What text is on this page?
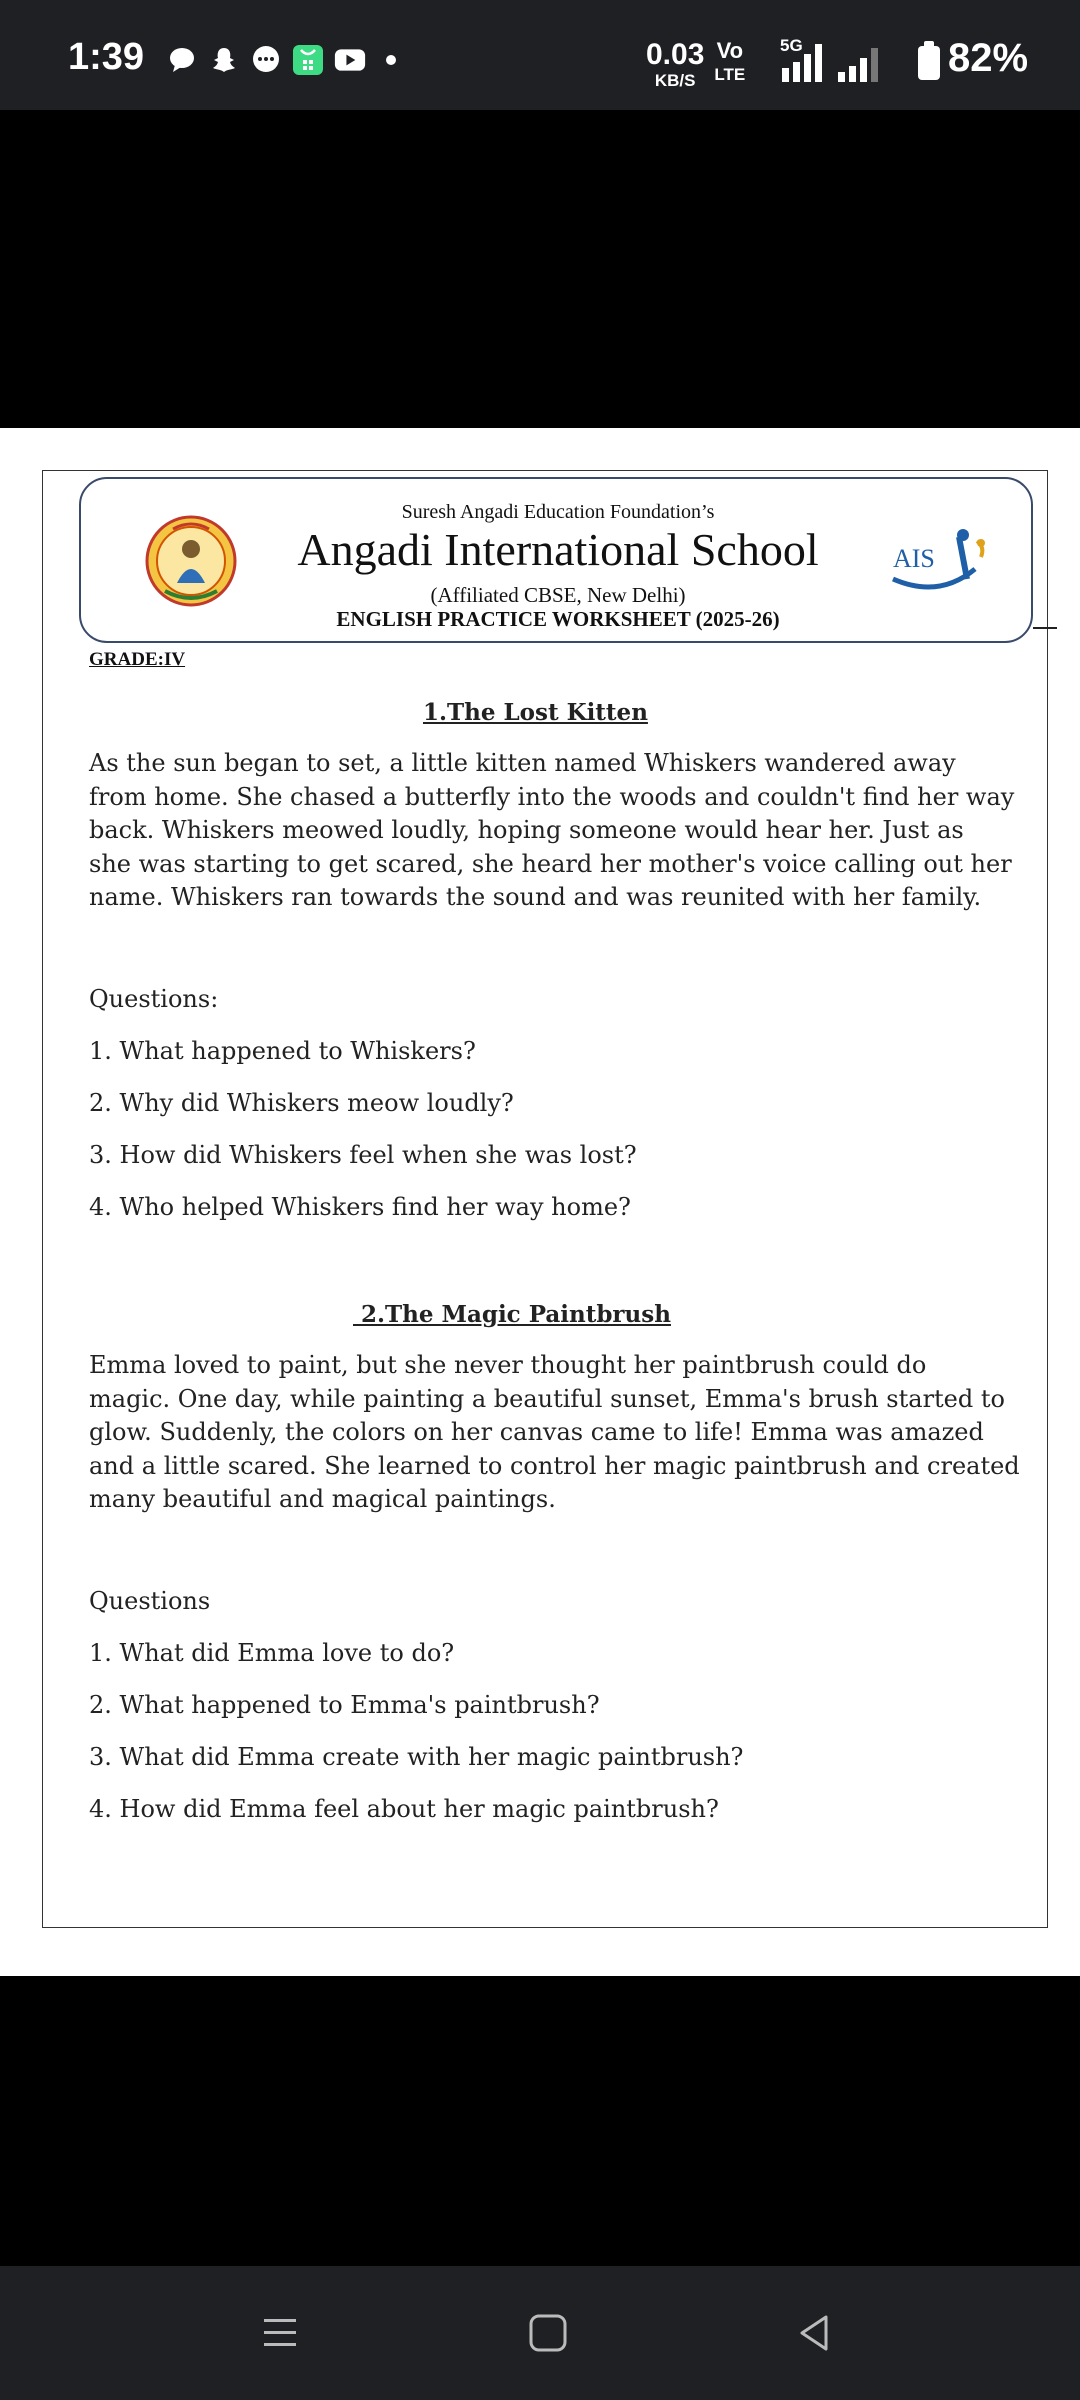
1:39	0.03
KB/S
Vo
LTE
5G	82%
Suresh Angadi Education Foundation’s
Angadi International School
(Affiliated CBSE, New Delhi)
ENGLISH PRACTICE WORKSHEET (2025-26)
AIS
GRADE:IV
1.The Lost Kitten
As the sun began to set, a little kitten named Whiskers wandered away
from home. She chased a butterfly into the woods and couldn't find her way
back. Whiskers meowed loudly, hoping someone would hear her. Just as
she was starting to get scared, she heard her mother's voice calling out her
name. Whiskers ran towards the sound and was reunited with her family.
Questions:
1. What happened to Whiskers?
2. Why did Whiskers meow loudly?
3. How did Whiskers feel when she was lost?
4. Who helped Whiskers find her way home?
2.The Magic Paintbrush
Emma loved to paint, but she never thought her paintbrush could do
magic. One day, while painting a beautiful sunset, Emma's brush started to
glow. Suddenly, the colors on her canvas came to life! Emma was amazed
and a little scared. She learned to control her magic paintbrush and created
many beautiful and magical paintings.
Questions
1. What did Emma love to do?
2. What happened to Emma's paintbrush?
3. What did Emma create with her magic paintbrush?
4. How did Emma feel about her magic paintbrush?
